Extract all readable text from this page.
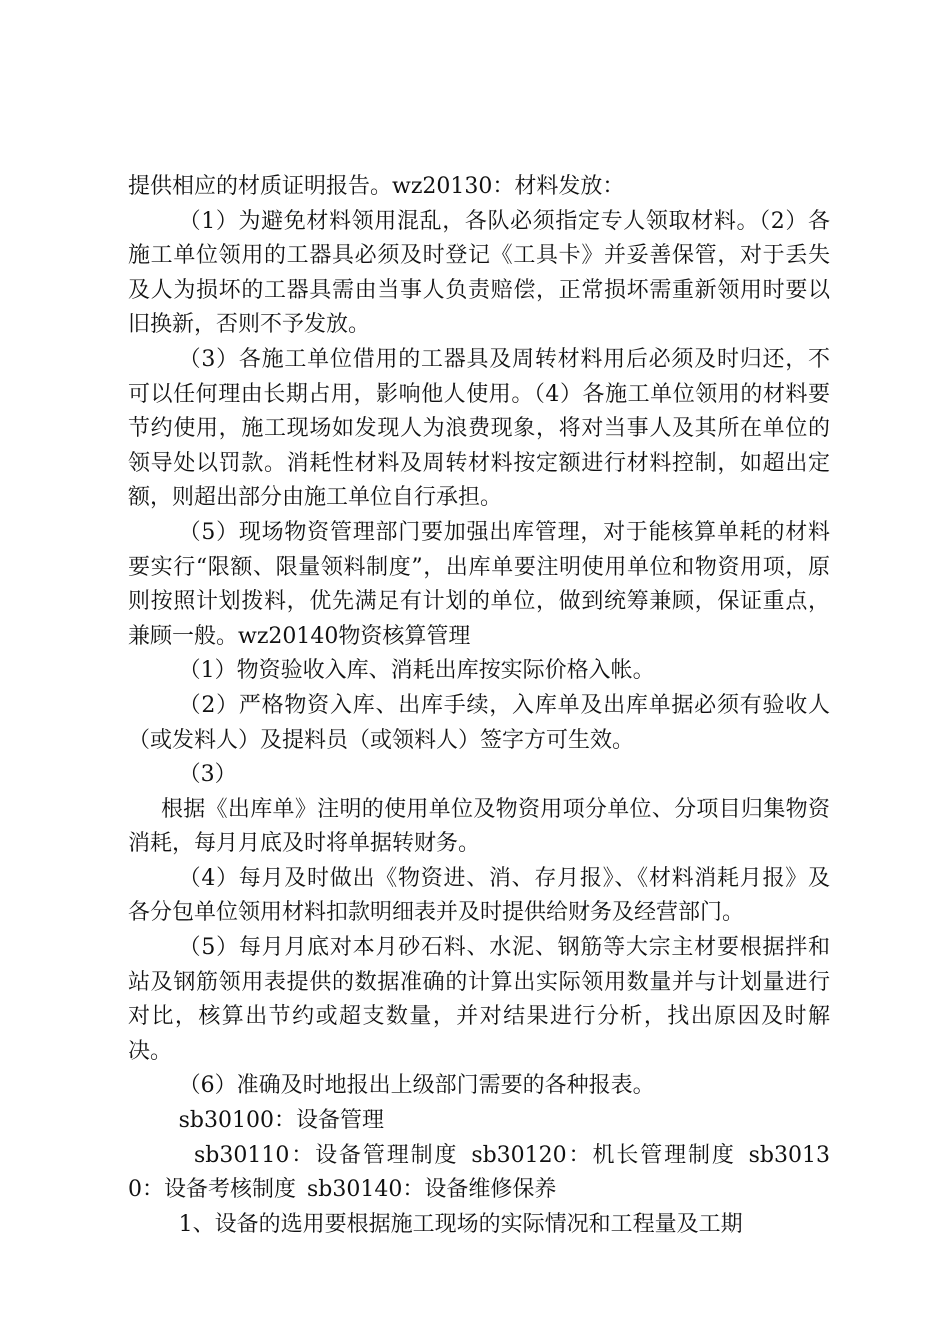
提供相应的材质证明报告。wz20130：材料发放：

（1）为避免材料领用混乱，各队必须指定专人领取材料。（2）各施工单位领用的工器具必须及时登记《工具卡》并妥善保管，对于丢失及人为损坏的工器具需由当事人负责赔偿，正常损坏需重新领用时要以旧换新，否则不予发放。

（3）各施工单位借用的工器具及周转材料用后必须及时归还，不可以任何理由长期占用，影响他人使用。（4）各施工单位领用的材料要节约使用，施工现场如发现人为浪费现象，将对当事人及其所在单位的领导处以罚款。消耗性材料及周转材料按定额进行材料控制，如超出定额，则超出部分由施工单位自行承担。

（5）现场物资管理部门要加强出库管理，对于能核算单耗的材料要实行“限额、限量领料制度”，出库单要注明使用单位和物资用项，原则按照计划拨料，优先满足有计划的单位，做到统筹兼顾，保证重点，兼顾一般。wz20140物资核算管理

（1）物资验收入库、消耗出库按实际价格入帐。

（2）严格物资入库、出库手续，入库单及出库单据必须有验收人（或发料人）及提料员（或领料人）签字方可生效。

（3）

根据《出库单》注明的使用单位及物资用项分单位、分项目归集物资消耗，每月月底及时将单据转财务。

（4）每月及时做出《物资进、消、存月报》、《材料消耗月报》及各分包单位领用材料扣款明细表并及时提供给财务及经营部门。

（5）每月月底对本月砂石料、水泥、钢筋等大宗主材要根据拌和站及钢筋领用表提供的数据准确的计算出实际领用数量并与计划量进行对比，核算出节约或超支数量，并对结果进行分析，找出原因及时解决。

（6）准确及时地报出上级部门需要的各种报表。

sb30100：设备管理

sb30110：设备管理制度 sb30120：机长管理制度 sb30130：设备考核制度 sb30140：设备维修保养

1、设备的选用要根据施工现场的实际情况和工程量及工期
